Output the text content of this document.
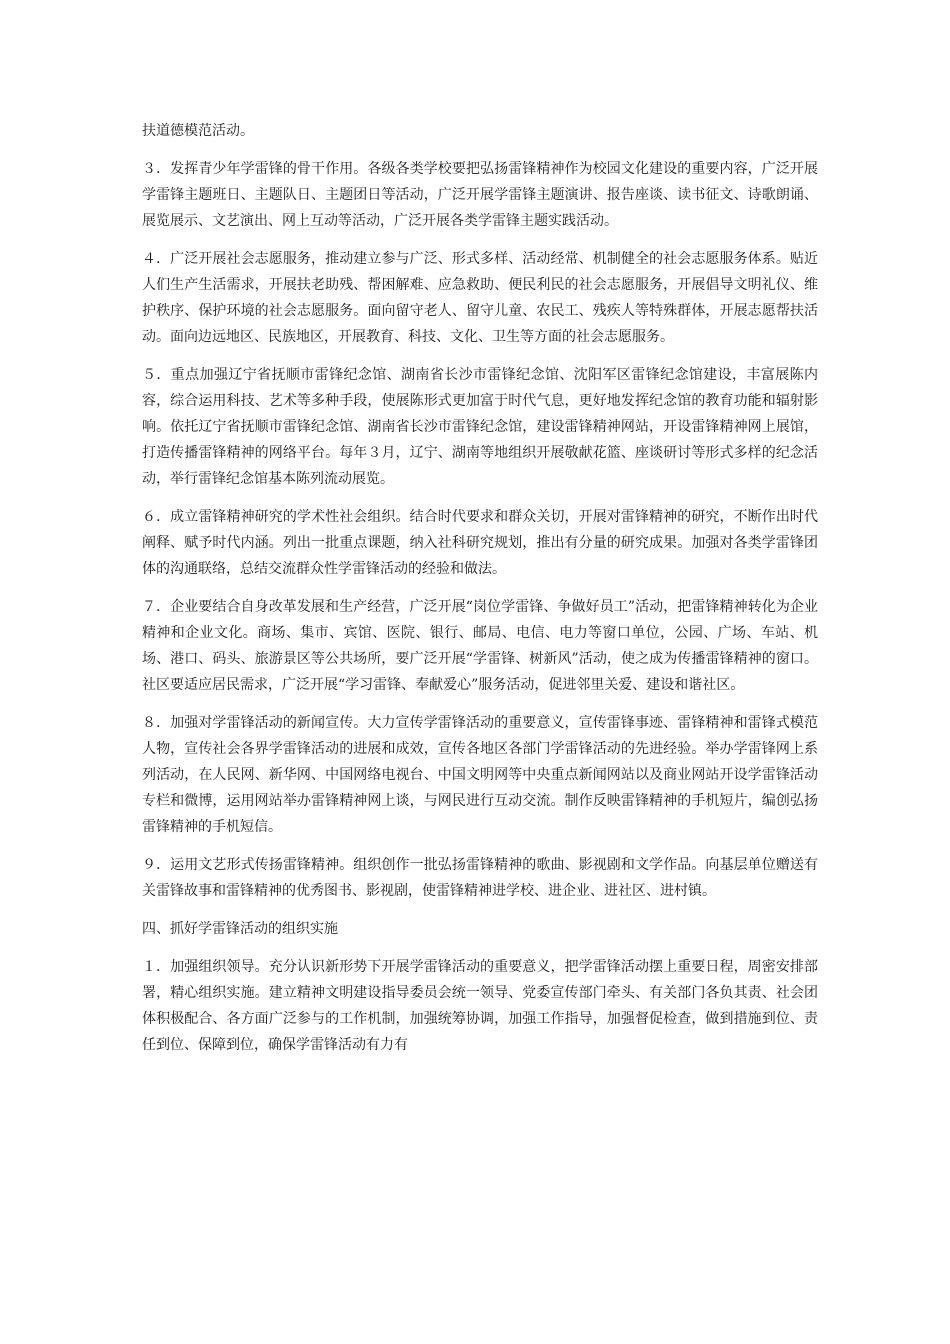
扶道德模范活动。

３．发挥青少年学雷锋的骨干作用。各级各类学校要把弘扬雷锋精神作为校园文化建设的重要内容，广泛开展学雷锋主题班日、主题队日、主题团日等活动，广泛开展学雷锋主题演讲、报告座谈、读书征文、诗歌朗诵、展览展示、文艺演出、网上互动等活动，广泛开展各类学雷锋主题实践活动。

４．广泛开展社会志愿服务，推动建立参与广泛、形式多样、活动经常、机制健全的社会志愿服务体系。贴近人们生产生活需求，开展扶老助残、帮困解难、应急救助、便民利民的社会志愿服务，开展倡导文明礼仪、维护秩序、保护环境的社会志愿服务。面向留守老人、留守儿童、农民工、残疾人等特殊群体，开展志愿帮扶活动。面向边远地区、民族地区，开展教育、科技、文化、卫生等方面的社会志愿服务。

５．重点加强辽宁省抚顺市雷锋纪念馆、湖南省长沙市雷锋纪念馆、沈阳军区雷锋纪念馆建设，丰富展陈内容，综合运用科技、艺术等多种手段，使展陈形式更加富于时代气息，更好地发挥纪念馆的教育功能和辐射影响。依托辽宁省抚顺市雷锋纪念馆、湖南省长沙市雷锋纪念馆，建设雷锋精神网站，开设雷锋精神网上展馆，打造传播雷锋精神的网络平台。每年３月，辽宁、湖南等地组织开展敬献花篮、座谈研讨等形式多样的纪念活动，举行雷锋纪念馆基本陈列流动展览。

６．成立雷锋精神研究的学术性社会组织。结合时代要求和群众关切，开展对雷锋精神的研究，不断作出时代阐释、赋予时代内涵。列出一批重点课题，纳入社科研究规划，推出有分量的研究成果。加强对各类学雷锋团体的沟通联络，总结交流群众性学雷锋活动的经验和做法。

７．企业要结合自身改革发展和生产经营，广泛开展“岗位学雷锋、争做好员工”活动，把雷锋精神转化为企业精神和企业文化。商场、集市、宾馆、医院、银行、邮局、电信、电力等窗口单位，公园、广场、车站、机场、港口、码头、旅游景区等公共场所，要广泛开展“学雷锋、树新风”活动，使之成为传播雷锋精神的窗口。社区要适应居民需求，广泛开展“学习雷锋、奉献爱心”服务活动，促进邻里关爱、建设和谐社区。

８．加强对学雷锋活动的新闻宣传。大力宣传学雷锋活动的重要意义，宣传雷锋事迹、雷锋精神和雷锋式模范人物，宣传社会各界学雷锋活动的进展和成效，宣传各地区各部门学雷锋活动的先进经验。举办学雷锋网上系列活动，在人民网、新华网、中国网络电视台、中国文明网等中央重点新闻网站以及商业网站开设学雷锋活动专栏和微博，运用网站举办雷锋精神网上谈，与网民进行互动交流。制作反映雷锋精神的手机短片，编创弘扬雷锋精神的手机短信。

９．运用文艺形式传扬雷锋精神。组织创作一批弘扬雷锋精神的歌曲、影视剧和文学作品。向基层单位赠送有关雷锋故事和雷锋精神的优秀图书、影视剧，使雷锋精神进学校、进企业、进社区、进村镇。

四、抓好学雷锋活动的组织实施

１．加强组织领导。充分认识新形势下开展学雷锋活动的重要意义，把学雷锋活动摆上重要日程，周密安排部署，精心组织实施。建立精神文明建设指导委员会统一领导、党委宣传部门牵头、有关部门各负其责、社会团体积极配合、各方面广泛参与的工作机制，加强统筹协调，加强工作指导，加强督促检查，做到措施到位、责任到位、保障到位，确保学雷锋活动有力有
